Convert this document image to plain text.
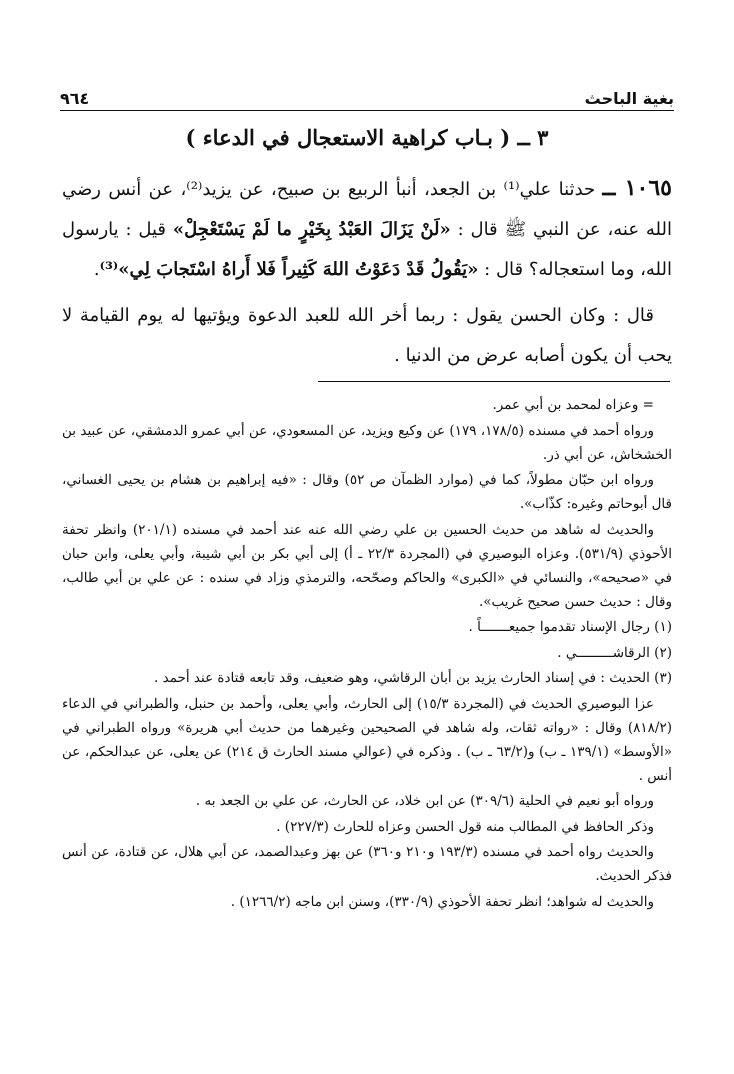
بغية الباحث
٩٦٤
٣ ــ ( بـاب كراهية الاستعجال في الدعاء )

١٠٦٥ ــ حدثنا علي⁽¹⁾ بن الجعد، أنبأ الربيع بن صبيح، عن يزيد⁽²⁾، عن أنس رضي الله عنه، عن النبي ﷺ قال : «لَنْ يَزَالَ العَبْدُ بِخَيْرٍ ما لَمْ يَسْتَعْجِلْ» قيل : يارسول الله، وما استعجاله؟ قال : «يَقُولُ قَدْ دَعَوْتُ اللهَ كَثِيراً فَلا أَراهُ اسْتَجابَ لِي»⁽³⁾.

قال : وكان الحسن يقول : ربما أخر الله للعبد الدعوة ويؤتيها له يوم القيامة لا يحب أن يكون أصابه عرض من الدنيا .

= وعزاه لمحمد بن أبي عمر.

ورواه أحمد في مسنده (١٧٨/٥، ١٧٩) عن وكيع ويزيد، عن المسعودي، عن أبي عمرو الدمشقي، عن عبيد بن الخشخاش، عن أبي ذر.

ورواه ابن حبّان مطولاً، كما في (موارد الظمآن ص ٥٢) وقال : «فيه إبراهيم بن هشام بن يحيى الغساني، قال أبوحاتم وغيره: كذّاب».

والحديث له شاهد من حديث الحسين بن علي رضي الله عنه عند أحمد في مسنده (٢٠١/١) وانظر تحفة الأحوذي (٥٣١/٩). وعزاه البوصيري في (المجردة ٢٢/٣ ـ أ) إلى أبي بكر بن أبي شيبة، وأبي يعلى، وابن حبان في «صحيحه»، والنسائي في «الكبرى» والحاكم وصحّحه، والترمذي وزاد في سنده : عن علي بن أبي طالب، وقال : حديث حسن صحيح غريب».

(١) رجال الإسناد تقدموا جميعـــــــاً .

(٢) الرقاشـــــــــي .

(٣) الحديث : في إسناد الحارث يزيد بن أبان الرقاشي، وهو ضعيف، وقد تابعه قتادة عند أحمد .

عزا البوصيري الحديث في (المجردة ١٥/٣) إلى الحارث، وأبي يعلى، وأحمد بن حنبل، والطبراني في الدعاء (٨١٨/٢) وقال : «رواته ثقات، وله شاهد في الصحيحين وغيرهما من حديث أبي هريرة» ورواه الطبراني في «الأوسط» (١٣٩/١ ـ ب) و(٦٣/٢ ـ ب) . وذكره في (عوالي مسند الحارث ق ٢١٤) عن يعلى، عن عبدالحكم، عن أنس .

ورواه أبو نعيم في الحلية (٣٠٩/٦) عن ابن خلاد، عن الحارث، عن علي بن الجعد به .

وذكر الحافظ في المطالب منه قول الحسن وعزاه للحارث (٢٢٧/٣) .

والحديث رواه أحمد في مسنده (١٩٣/٣ و٢١٠ و٣٦٠) عن بهز وعبدالصمد، عن أبي هلال، عن قتادة، عن أنس فذكر الحديث.

والحديث له شواهد؛ انظر تحفة الأحوذي (٣٣٠/٩)، وسنن ابن ماجه (١٢٦٦/٢) .
